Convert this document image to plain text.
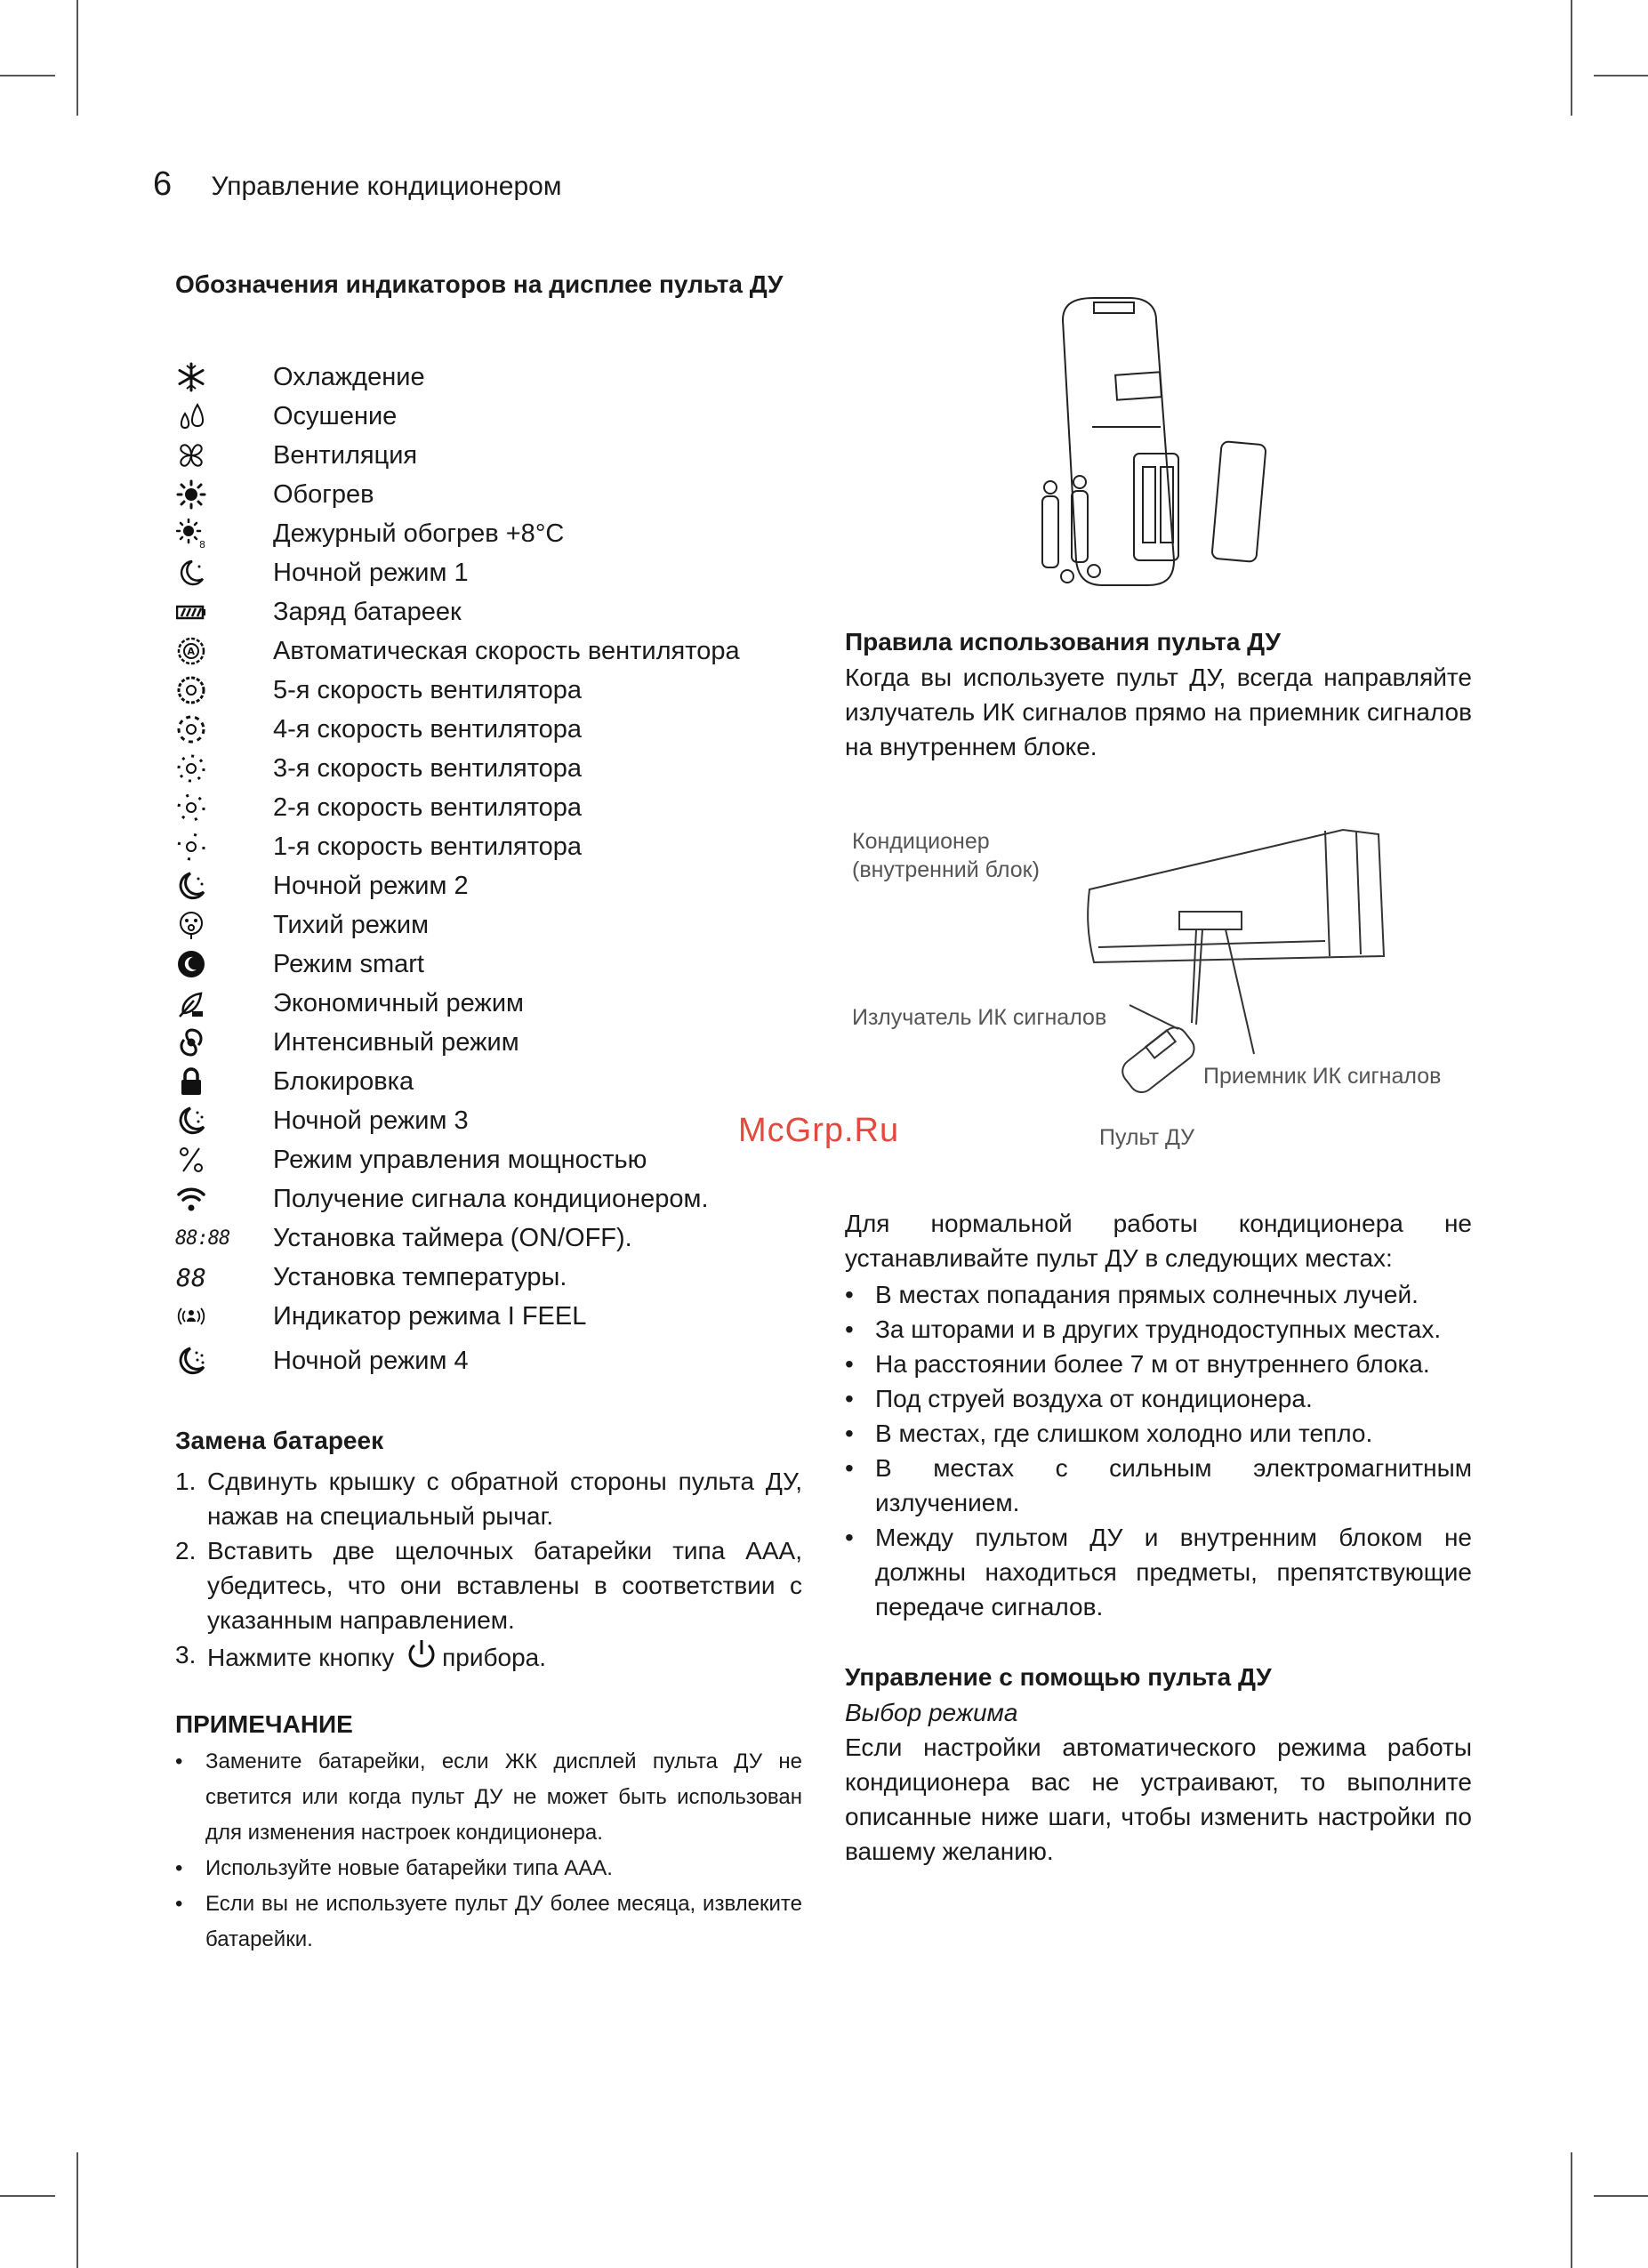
6 Управление кондиционером
McGrp.Ru
Обозначения индикаторов на дисплее пульта ДУ
Охлаждение
Осушение
Вентиляция
Обогрев
8	Дежурный обогрев +8°C
Ночной режим 1
Заряд батареек
A	Автоматическая скорость вентилятора
5-я скорость вентилятора
4-я скорость вентилятора
3-я скорость вентилятора
2-я скорость вентилятора
1-я скорость вентилятора
Ночной режим 2
Тихий режим
Режим smart
Экономичный режим
Интенсивный режим
Блокировка
Ночной режим 3
Режим управления мощностью
Получение сигнала кондиционером.
88:88 Установка таймера (ON/OFF).
88	Установка температуры.
Индикатор режима I FEEL
Ночной режим 4
Замена батареек
1. Сдвинуть крышку с обратной стороны пульта ДУ, нажав на специальный рычаг.
2. Вставить две щелочных батарейки типа AAA, убедитесь, что они вставлены в соответствии с указанным направлением.
3. Нажмите кнопку прибора.
ПРИМЕЧАНИЕ
• Замените батарейки, если ЖК дисплей пульта ДУ не светится или когда пульт ДУ не может быть использован для изменения настроек кондиционера.
• Используйте новые батарейки типа AAA.
• Если вы не используете пульт ДУ более месяца, извлеките батарейки.
Правила использования пульта ДУ

Когда вы используете пульт ДУ, всегда направляйте излучатель ИК сигналов прямо на приемник сигналов на внутреннем блоке.

Кондиционер
(внутренний блок)
Излучатель ИК сигналов
Приемник ИК сигналов
Пульт ДУ

Для нормальной работы кондиционера не устанавливайте пульт ДУ в следующих местах:

• В местах попадания прямых солнечных лучей.
• За шторами и в других труднодоступных местах.
• На расстоянии более 7 м от внутреннего блока.
• Под струей воздуха от кондиционера.
• В местах, где слишком холодно или тепло.
• В местах с сильным электромагнитным излучением.
• Между пультом ДУ и внутренним блоком не должны находиться предметы, препятствующие передаче сигналов.
Управление с помощью пульта ДУ

Выбор режима

Если настройки автоматического режима работы кондиционера вас не устраивают, то выполните описанные ниже шаги, чтобы изменить настройки по вашему желанию.
